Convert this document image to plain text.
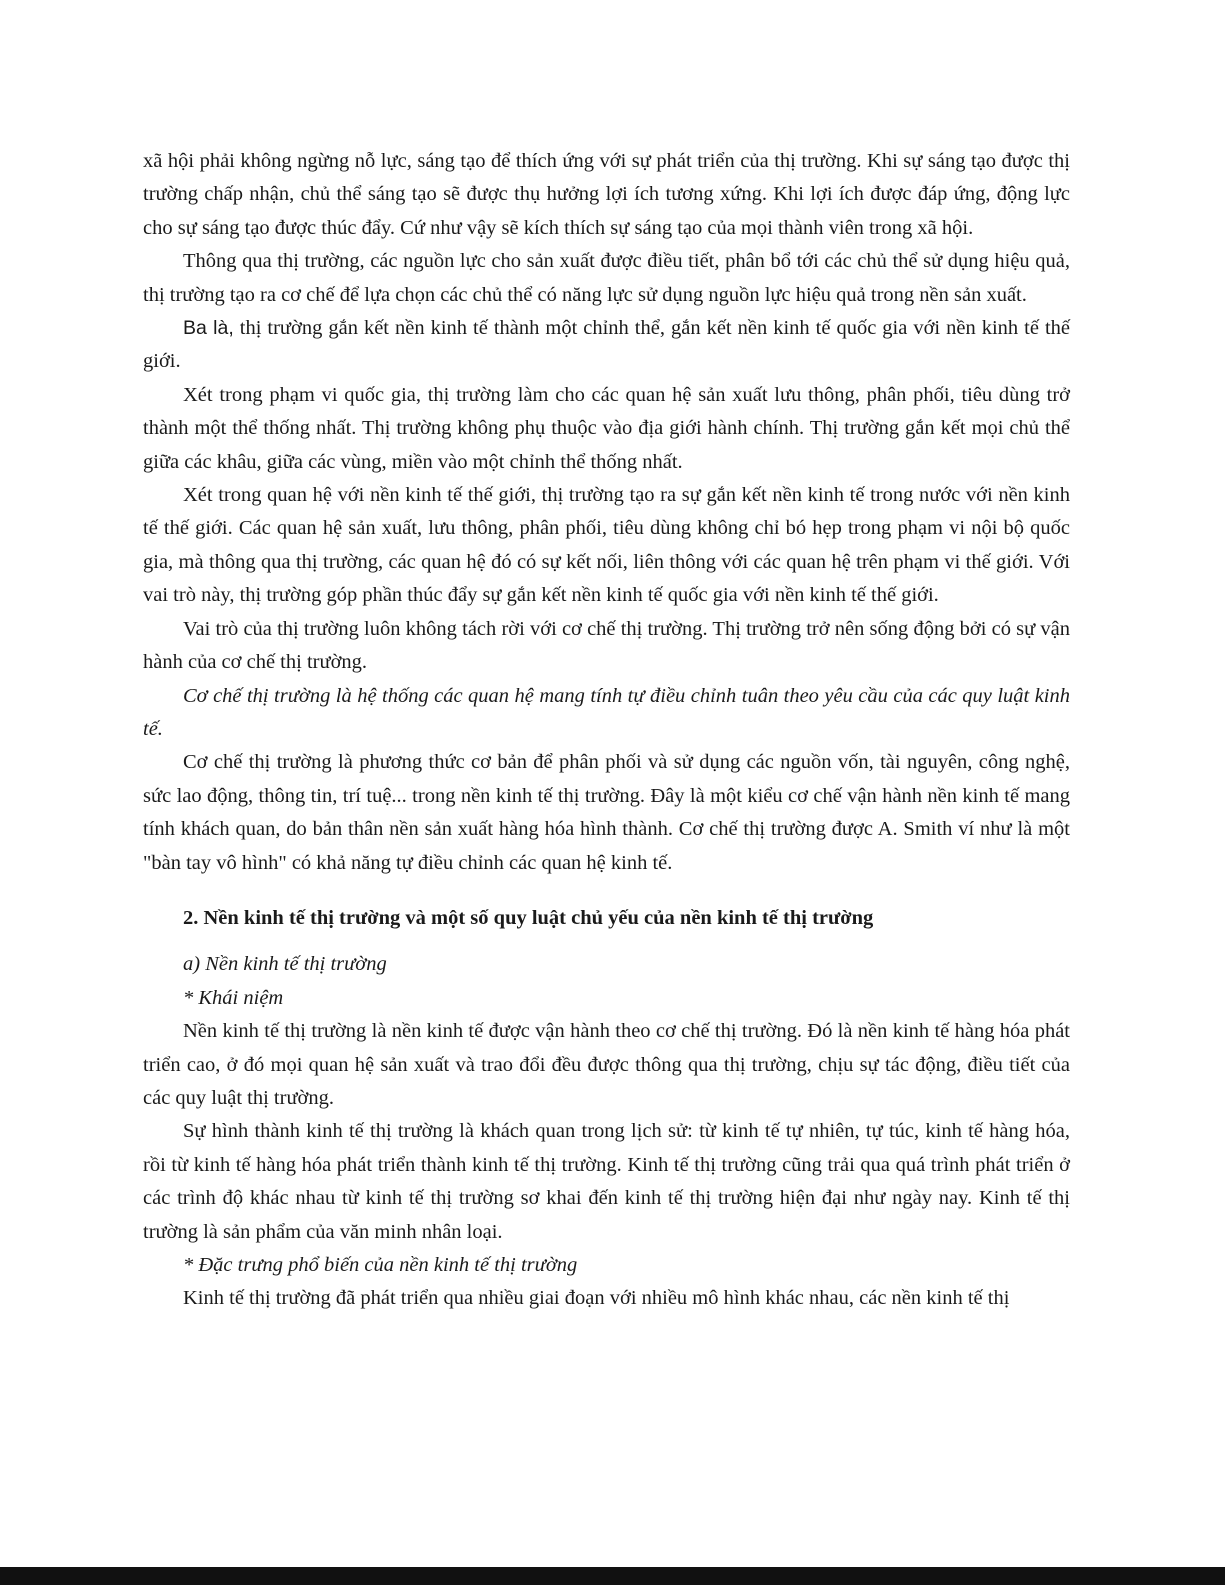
xã hội phải không ngừng nỗ lực, sáng tạo để thích ứng với sự phát triển của thị trường. Khi sự sáng tạo được thị trường chấp nhận, chủ thể sáng tạo sẽ được thụ hưởng lợi ích tương xứng. Khi lợi ích được đáp ứng, động lực cho sự sáng tạo được thúc đẩy. Cứ như vậy sẽ kích thích sự sáng tạo của mọi thành viên trong xã hội.

Thông qua thị trường, các nguồn lực cho sản xuất được điều tiết, phân bổ tới các chủ thể sử dụng hiệu quả, thị trường tạo ra cơ chế để lựa chọn các chủ thể có năng lực sử dụng nguồn lực hiệu quả trong nền sản xuất.

Ba là, thị trường gắn kết nền kinh tế thành một chỉnh thể, gắn kết nền kinh tế quốc gia với nền kinh tế thế giới.

Xét trong phạm vi quốc gia, thị trường làm cho các quan hệ sản xuất lưu thông, phân phối, tiêu dùng trở thành một thể thống nhất. Thị trường không phụ thuộc vào địa giới hành chính. Thị trường gắn kết mọi chủ thể giữa các khâu, giữa các vùng, miền vào một chỉnh thể thống nhất.

Xét trong quan hệ với nền kinh tế thế giới, thị trường tạo ra sự gắn kết nền kinh tế trong nước với nền kinh tế thế giới. Các quan hệ sản xuất, lưu thông, phân phối, tiêu dùng không chỉ bó hẹp trong phạm vi nội bộ quốc gia, mà thông qua thị trường, các quan hệ đó có sự kết nối, liên thông với các quan hệ trên phạm vi thế giới. Với vai trò này, thị trường góp phần thúc đẩy sự gắn kết nền kinh tế quốc gia với nền kinh tế thế giới.

Vai trò của thị trường luôn không tách rời với cơ chế thị trường. Thị trường trở nên sống động bởi có sự vận hành của cơ chế thị trường.

Cơ chế thị trường là hệ thống các quan hệ mang tính tự điều chỉnh tuân theo yêu cầu của các quy luật kinh tế.

Cơ chế thị trường là phương thức cơ bản để phân phối và sử dụng các nguồn vốn, tài nguyên, công nghệ, sức lao động, thông tin, trí tuệ... trong nền kinh tế thị trường. Đây là một kiểu cơ chế vận hành nền kinh tế mang tính khách quan, do bản thân nền sản xuất hàng hóa hình thành. Cơ chế thị trường được A. Smith ví như là một "bàn tay vô hình" có khả năng tự điều chỉnh các quan hệ kinh tế.

2. Nền kinh tế thị trường và một số quy luật chủ yếu của nền kinh tế thị trường

a) Nền kinh tế thị trường

* Khái niệm

Nền kinh tế thị trường là nền kinh tế được vận hành theo cơ chế thị trường. Đó là nền kinh tế hàng hóa phát triển cao, ở đó mọi quan hệ sản xuất và trao đổi đều được thông qua thị trường, chịu sự tác động, điều tiết của các quy luật thị trường.

Sự hình thành kinh tế thị trường là khách quan trong lịch sử: từ kinh tế tự nhiên, tự túc, kinh tế hàng hóa, rồi từ kinh tế hàng hóa phát triển thành kinh tế thị trường. Kinh tế thị trường cũng trải qua quá trình phát triển ở các trình độ khác nhau từ kinh tế thị trường sơ khai đến kinh tế thị trường hiện đại như ngày nay. Kinh tế thị trường là sản phẩm của văn minh nhân loại.

* Đặc trưng phổ biến của nền kinh tế thị trường

Kinh tế thị trường đã phát triển qua nhiều giai đoạn với nhiều mô hình khác nhau, các nền kinh tế thị
